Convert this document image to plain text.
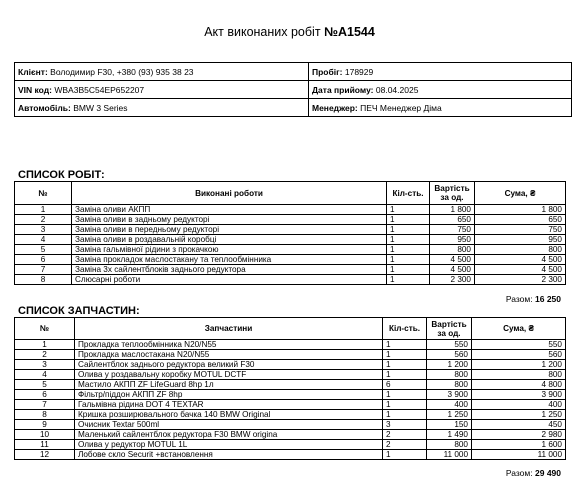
Акт виконаних робіт №А1544
Клієнт: Володимир F30, +380 (93) 935 38 23	Пробіг: 178929
VIN код: WBA3B5C54EP652207	Дата прийому: 08.04.2025
Автомобіль: BMW 3 Series	Менеджер: ПЕЧ Менеджер Діма
СПИСОК РОБІТ:
№	Виконані роботи	Кіл-сть.	Вартість за од.	Сума, ₴
1	Заміна оливи АКПП	1	1 800	1 800
2	Заміна оливи в задньому редукторі	1	650	650
3	Заміна оливи в передньому редукторі	1	750	750
4	Заміна оливи в роздавальній коробці	1	950	950
5	Заміна гальмівної рідини з прокачкою	1	800	800
6	Заміна прокладок маслостакану та теплообмінника	1	4 500	4 500
7	Заміна 3х сайлентблоків заднього редуктора	1	4 500	4 500
8	Слюсарні роботи	1	2 300	2 300
Разом: 16 250
СПИСОК ЗАПЧАСТИН:
№	Запчастини	Кіл-сть.	Вартість за од.	Сума, ₴
1	Прокладка теплообмінника N20/N55	1	550	550
2	Прокладка маслостакана N20/N55	1	560	560
3	Сайлентблок заднього редуктора великий F30	1	1 200	1 200
4	Олива у роздавальну коробку MOTUL DCTF	1	800	800
5	Мастило АКПП ZF LifeGuard 8hp 1л	6	800	4 800
6	Фільтр/піддон АКПП ZF 8hp	1	3 900	3 900
7	Гальмівна рідина DOT 4 TEXTAR	1	400	400
8	Кришка розширювального бачка 140 BMW Original	1	1 250	1 250
9	Очисник Textar 500ml	3	150	450
10	Маленький сайлентблок редуктора F30 BMW origina	2	1 490	2 980
11	Олива у редуктор MOTUL 1L	2	800	1 600
12	Лобове скло Securit +встановлення	1	11 000	11 000
Разом: 29 490
